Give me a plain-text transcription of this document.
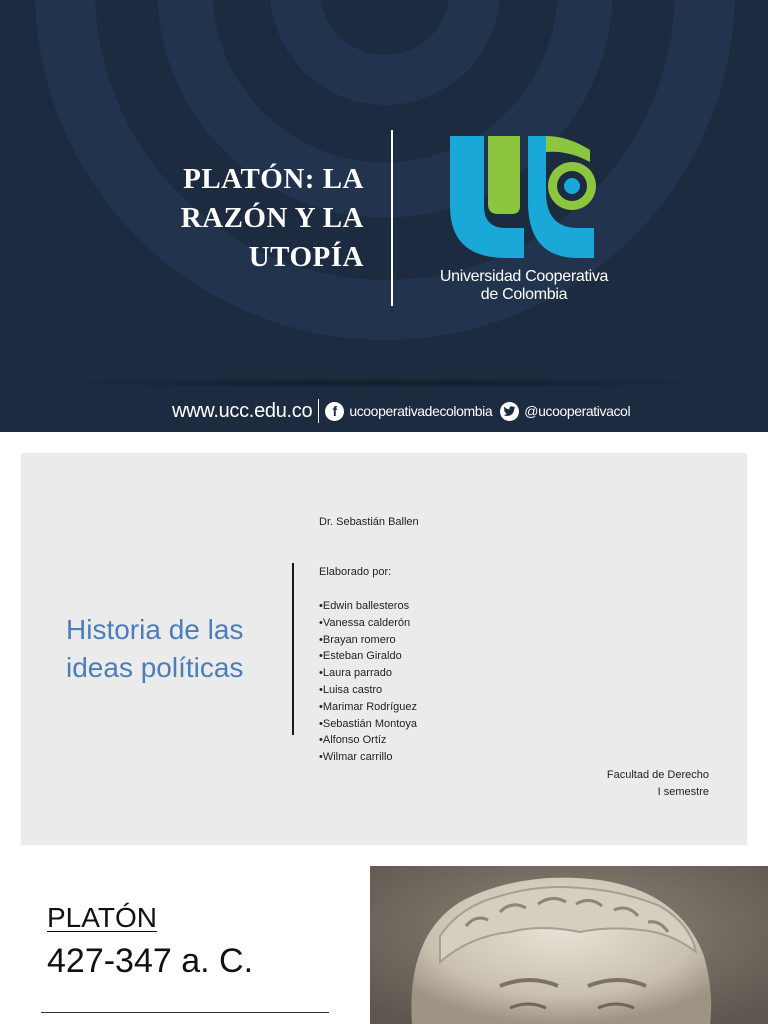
PLATÓN: LA
RAZÓN Y LA
UTOPÍA
Universidad Cooperativa
de Colombia
www.ucc.edu.co	f ucooperativadecolombia @ucooperativacol
Historia de las
ideas políticas
Dr. Sebastián Ballen
Elaborado por:
•Edwin ballesteros
•Vanessa calderón
•Brayan romero
•Esteban Giraldo
•Laura parrado
•Luisa castro
•Marimar Rodríguez
•Sebastián Montoya
•Alfonso Ortíz
•Wilmar carrillo
Facultad de Derecho
I semestre
PLATÓN
427-347 a. C.
